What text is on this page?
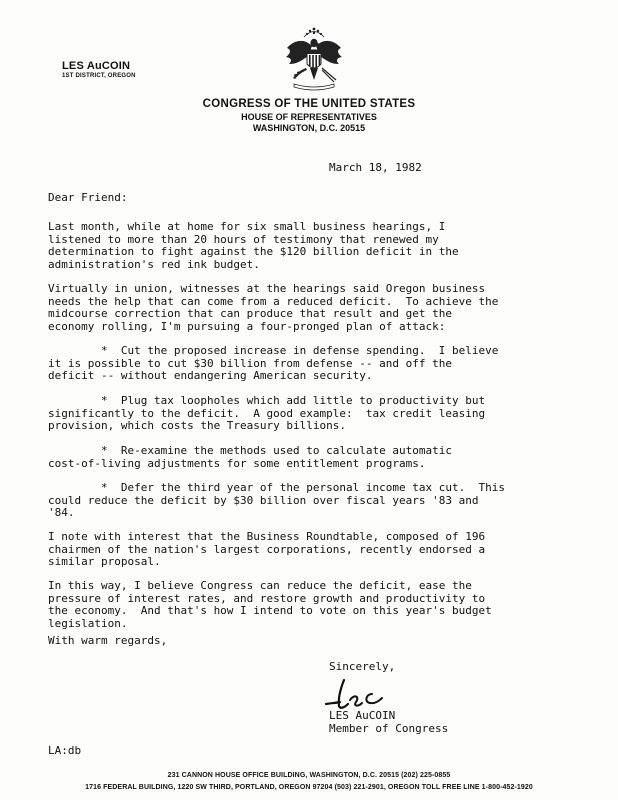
LES AuCOIN
1ST DISTRICT, OREGON
CONGRESS OF THE UNITED STATES
HOUSE OF REPRESENTATIVES
WASHINGTON, D.C. 20515
March 18, 1982
Dear Friend:
Last month, while at home for six small business hearings, I
listened to more than 20 hours of testimony that renewed my
determination to fight against the $120 billion deficit in the
administration's red ink budget.
Virtually in union, witnesses at the hearings said Oregon business
needs the help that can come from a reduced deficit.  To achieve the
midcourse correction that can produce that result and get the
economy rolling, I'm pursuing a four-pronged plan of attack:
*  Cut the proposed increase in defense spending.  I believe
it is possible to cut $30 billion from defense -- and off the
deficit -- without endangering American security.
*  Plug tax loopholes which add little to productivity but
significantly to the deficit.  A good example:  tax credit leasing
provision, which costs the Treasury billions.
*  Re-examine the methods used to calculate automatic
cost-of-living adjustments for some entitlement programs.
*  Defer the third year of the personal income tax cut.  This
could reduce the deficit by $30 billion over fiscal years '83 and
'84.
I note with interest that the Business Roundtable, composed of 196
chairmen of the nation's largest corporations, recently endorsed a
similar proposal.
In this way, I believe Congress can reduce the deficit, ease the
pressure of interest rates, and restore growth and productivity to
the economy.  And that's how I intend to vote on this year's budget
legislation.
With warm regards,
Sincerely,
LES AuCOIN
Member of Congress
LA:db
231 CANNON HOUSE OFFICE BUILDING, WASHINGTON, D.C. 20515 (202) 225-0855
1716 FEDERAL BUILDING, 1220 SW THIRD, PORTLAND, OREGON 97204 (503) 221-2901, OREGON TOLL FREE LINE 1-800-452-1920
